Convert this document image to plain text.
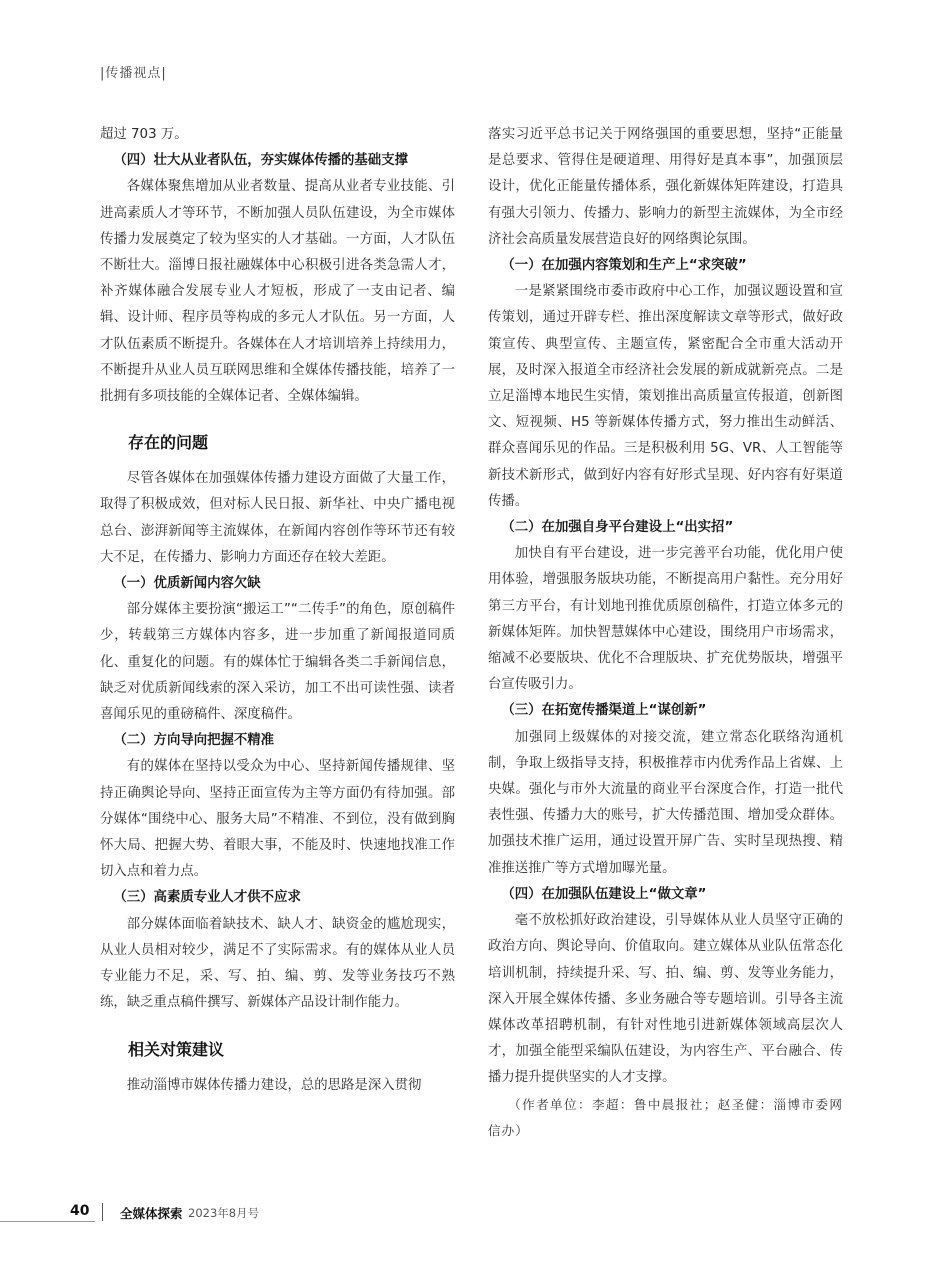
|传播视点|

超过 703 万。

（四）壮大从业者队伍，夯实媒体传播的基础支撑

各媒体聚焦增加从业者数量、提高从业者专业技能、引进高素质人才等环节，不断加强人员队伍建设，为全市媒体传播力发展奠定了较为坚实的人才基础。一方面，人才队伍不断壮大。淄博日报社融媒体中心积极引进各类急需人才，补齐媒体融合发展专业人才短板，形成了一支由记者、编辑、设计师、程序员等构成的多元人才队伍。另一方面，人才队伍素质不断提升。各媒体在人才培训培养上持续用力，不断提升从业人员互联网思维和全媒体传播技能，培养了一批拥有多项技能的全媒体记者、全媒体编辑。

存在的问题

尽管各媒体在加强媒体传播力建设方面做了大量工作，取得了积极成效，但对标人民日报、新华社、中央广播电视总台、澎湃新闻等主流媒体，在新闻内容创作等环节还有较大不足，在传播力、影响力方面还存在较大差距。

（一）优质新闻内容欠缺

部分媒体主要扮演“搬运工”“二传手”的角色，原创稿件少，转载第三方媒体内容多，进一步加重了新闻报道同质化、重复化的问题。有的媒体忙于编辑各类二手新闻信息，缺乏对优质新闻线索的深入采访，加工不出可读性强、读者喜闻乐见的重磅稿件、深度稿件。

（二）方向导向把握不精准

有的媒体在坚持以受众为中心、坚持新闻传播规律、坚持正确舆论导向、坚持正面宣传为主等方面仍有待加强。部分媒体“围绕中心、服务大局”不精准、不到位，没有做到胸怀大局、把握大势、着眼大事，不能及时、快速地找准工作切入点和着力点。

（三）高素质专业人才供不应求

部分媒体面临着缺技术、缺人才、缺资金的尴尬现实，从业人员相对较少，满足不了实际需求。有的媒体从业人员专业能力不足，采、写、拍、编、剪、发等业务技巧不熟练，缺乏重点稿件撰写、新媒体产品设计制作能力。

相关对策建议

推动淄博市媒体传播力建设，总的思路是深入贯彻

落实习近平总书记关于网络强国的重要思想，坚持“正能量是总要求、管得住是硬道理、用得好是真本事”，加强顶层设计，优化正能量传播体系，强化新媒体矩阵建设，打造具有强大引领力、传播力、影响力的新型主流媒体，为全市经济社会高质量发展营造良好的网络舆论氛围。

（一）在加强内容策划和生产上“求突破”

一是紧紧围绕市委市政府中心工作，加强议题设置和宣传策划，通过开辟专栏、推出深度解读文章等形式，做好政策宣传、典型宣传、主题宣传，紧密配合全市重大活动开展，及时深入报道全市经济社会发展的新成就新亮点。二是立足淄博本地民生实情，策划推出高质量宣传报道，创新图文、短视频、H5 等新媒体传播方式，努力推出生动鲜活、群众喜闻乐见的作品。三是积极利用 5G、VR、人工智能等新技术新形式，做到好内容有好形式呈现、好内容有好渠道传播。

（二）在加强自身平台建设上“出实招”

加快自有平台建设，进一步完善平台功能，优化用户使用体验，增强服务版块功能，不断提高用户黏性。充分用好第三方平台，有计划地刊推优质原创稿件，打造立体多元的新媒体矩阵。加快智慧媒体中心建设，围绕用户市场需求，缩减不必要版块、优化不合理版块、扩充优势版块，增强平台宣传吸引力。

（三）在拓宽传播渠道上“谋创新”

加强同上级媒体的对接交流，建立常态化联络沟通机制，争取上级指导支持，积极推荐市内优秀作品上省媒、上央媒。强化与市外大流量的商业平台深度合作，打造一批代表性强、传播力大的账号，扩大传播范围、增加受众群体。加强技术推广运用，通过设置开屏广告、实时呈现热搜、精准推送推广等方式增加曝光量。

（四）在加强队伍建设上“做文章”

毫不放松抓好政治建设，引导媒体从业人员坚守正确的政治方向、舆论导向、价值取向。建立媒体从业队伍常态化培训机制，持续提升采、写、拍、编、剪、发等业务能力，深入开展全媒体传播、多业务融合等专题培训。引导各主流媒体改革招聘机制，有针对性地引进新媒体领域高层次人才，加强全能型采编队伍建设，为内容生产、平台融合、传播力提升提供坚实的人才支撑。

（作者单位：李超：鲁中晨报社；赵圣健：淄博市委网信办）

40 全媒体探索 2023年8月号
